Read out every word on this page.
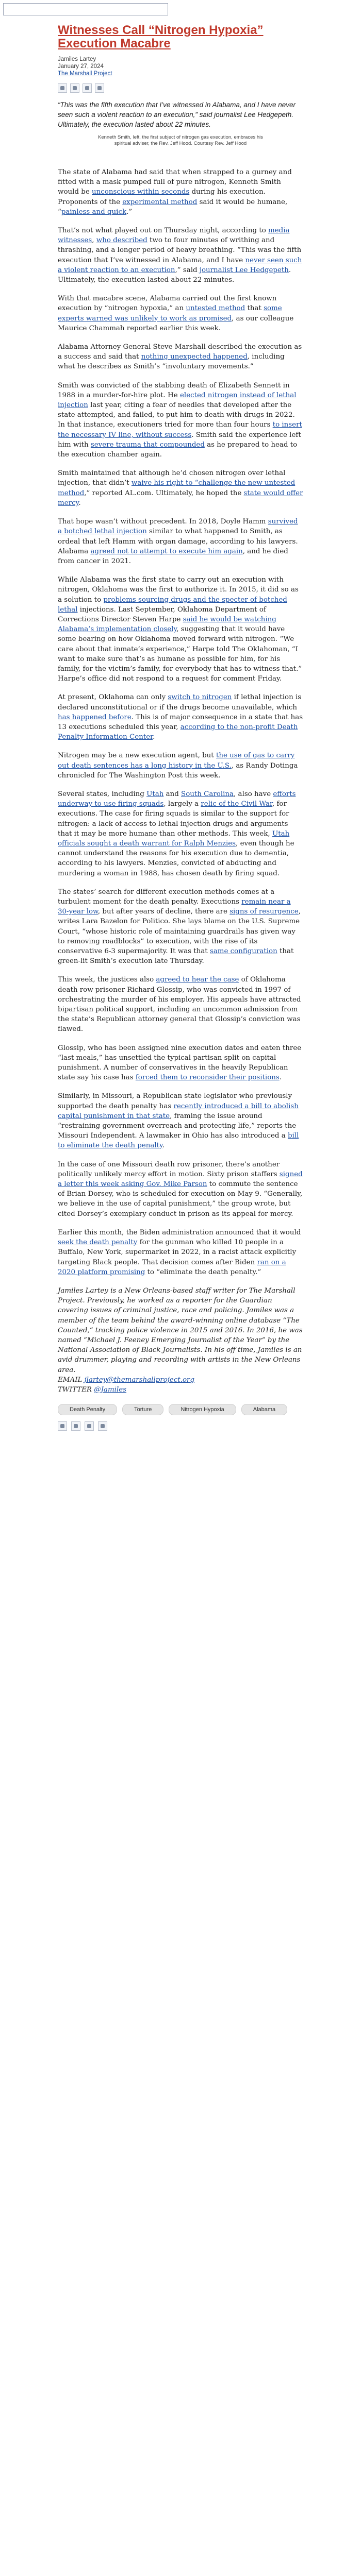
Witnesses Call “Nitrogen Hypoxia” Execution Macabre
Jamiles Lartey
January 27, 2024
The Marshall Project

“This was the fifth execution that I’ve witnessed in Alabama, and I have never seen such a violent reaction to an execution,” said journalist Lee Hedgepeth. Ultimately, the execution lasted about 22 minutes.

Kenneth Smith, left, the first subject of nitrogen gas execution, embraces his spiritual adviser, the Rev. Jeff Hood. Courtesy Rev. Jeff Hood

The state of Alabama had said that when strapped to a gurney and fitted with a mask pumped full of pure nitrogen, Kenneth Smith would be unconscious within seconds during his execution. Proponents of the experimental method said it would be humane, “painless and quick.”

That’s not what played out on Thursday night, according to media witnesses, who described two to four minutes of writhing and thrashing, and a longer period of heavy breathing. “This was the fifth execution that I’ve witnessed in Alabama, and I have never seen such a violent reaction to an execution,” said journalist Lee Hedgepeth. Ultimately, the execution lasted about 22 minutes.

With that macabre scene, Alabama carried out the first known execution by “nitrogen hypoxia,” an untested method that some experts warned was unlikely to work as promised, as our colleague Maurice Chammah reported earlier this week.

Alabama Attorney General Steve Marshall described the execution as a success and said that nothing unexpected happened, including what he describes as Smith’s “involuntary movements.”

Smith was convicted of the stabbing death of Elizabeth Sennett in 1988 in a murder-for-hire plot. He elected nitrogen instead of lethal injection last year, citing a fear of needles that developed after the state attempted, and failed, to put him to death with drugs in 2022. In that instance, executioners tried for more than four hours to insert the necessary IV line, without success. Smith said the experience left him with severe trauma that compounded as he prepared to head to the execution chamber again.

Smith maintained that although he’d chosen nitrogen over lethal injection, that didn’t waive his right to “challenge the new untested method,” reported AL.com. Ultimately, he hoped the state would offer mercy.

That hope wasn’t without precedent. In 2018, Doyle Hamm survived a botched lethal injection similar to what happened to Smith, as ordeal that left Hamm with organ damage, according to his lawyers. Alabama agreed not to attempt to execute him again, and he died from cancer in 2021.

While Alabama was the first state to carry out an execution with nitrogen, Oklahoma was the first to authorize it. In 2015, it did so as a solution to problems sourcing drugs and the specter of botched lethal injections. Last September, Oklahoma Department of Corrections Director Steven Harpe said he would be watching Alabama’s implementation closely, suggesting that it would have some bearing on how Oklahoma moved forward with nitrogen. “We care about that inmate’s experience,” Harpe told The Oklahoman, “I want to make sure that’s as humane as possible for him, for his family, for the victim’s family, for everybody that has to witness that.” Harpe’s office did not respond to a request for comment Friday.

At present, Oklahoma can only switch to nitrogen if lethal injection is declared unconstitutional or if the drugs become unavailable, which has happened before. This is of major consequence in a state that has 13 executions scheduled this year, according to the non-profit Death Penalty Information Center.

Nitrogen may be a new execution agent, but the use of gas to carry out death sentences has a long history in the U.S., as Randy Dotinga chronicled for The Washington Post this week.

Several states, including Utah and South Carolina, also have efforts underway to use firing squads, largely a relic of the Civil War, for executions. The case for firing squads is similar to the support for nitrogen: a lack of access to lethal injection drugs and arguments that it may be more humane than other methods. This week, Utah officials sought a death warrant for Ralph Menzies, even though he cannot understand the reasons for his execution due to dementia, according to his lawyers. Menzies, convicted of abducting and murdering a woman in 1988, has chosen death by firing squad.

The states’ search for different execution methods comes at a turbulent moment for the death penalty. Executions remain near a 30-year low, but after years of decline, there are signs of resurgence, writes Lara Bazelon for Politico. She lays blame on the U.S. Supreme Court, “whose historic role of maintaining guardrails has given way to removing roadblocks” to execution, with the rise of its conservative 6-3 supermajority. It was that same configuration that green-lit Smith’s execution late Thursday.

This week, the justices also agreed to hear the case of Oklahoma death row prisoner Richard Glossip, who was convicted in 1997 of orchestrating the murder of his employer. His appeals have attracted bipartisan political support, including an uncommon admission from the state’s Republican attorney general that Glossip’s conviction was flawed.

Glossip, who has been assigned nine execution dates and eaten three “last meals,” has unsettled the typical partisan split on capital punishment. A number of conservatives in the heavily Republican state say his case has forced them to reconsider their positions.

Similarly, in Missouri, a Republican state legislator who previously supported the death penalty has recently introduced a bill to abolish capital punishment in that state, framing the issue around “restraining government overreach and protecting life,” reports the Missouri Independent. A lawmaker in Ohio has also introduced a bill to eliminate the death penalty.

In the case of one Missouri death row prisoner, there’s another politically unlikely mercy effort in motion. Sixty prison staffers signed a letter this week asking Gov. Mike Parson to commute the sentence of Brian Dorsey, who is scheduled for execution on May 9. “Generally, we believe in the use of capital punishment,” the group wrote, but cited Dorsey’s exemplary conduct in prison as its appeal for mercy.

Earlier this month, the Biden administration announced that it would seek the death penalty for the gunman who killed 10 people in a Buffalo, New York, supermarket in 2022, in a racist attack explicitly targeting Black people. That decision comes after Biden ran on a 2020 platform promising to “eliminate the death penalty.”

Jamiles Lartey is a New Orleans-based staff writer for The Marshall Project. Previously, he worked as a reporter for the Guardian covering issues of criminal justice, race and policing. Jamiles was a member of the team behind the award-winning online database “The Counted,” tracking police violence in 2015 and 2016. In 2016, he was named “Michael J. Feeney Emerging Journalist of the Year” by the National Association of Black Journalists. In his off time, Jamiles is an avid drummer, playing and recording with artists in the New Orleans area.
EMAIL jlartey@themarshallproject.org
TWITTER @Jamiles

Death Penalty	Torture	Nitrogen Hypoxia	Alabama
